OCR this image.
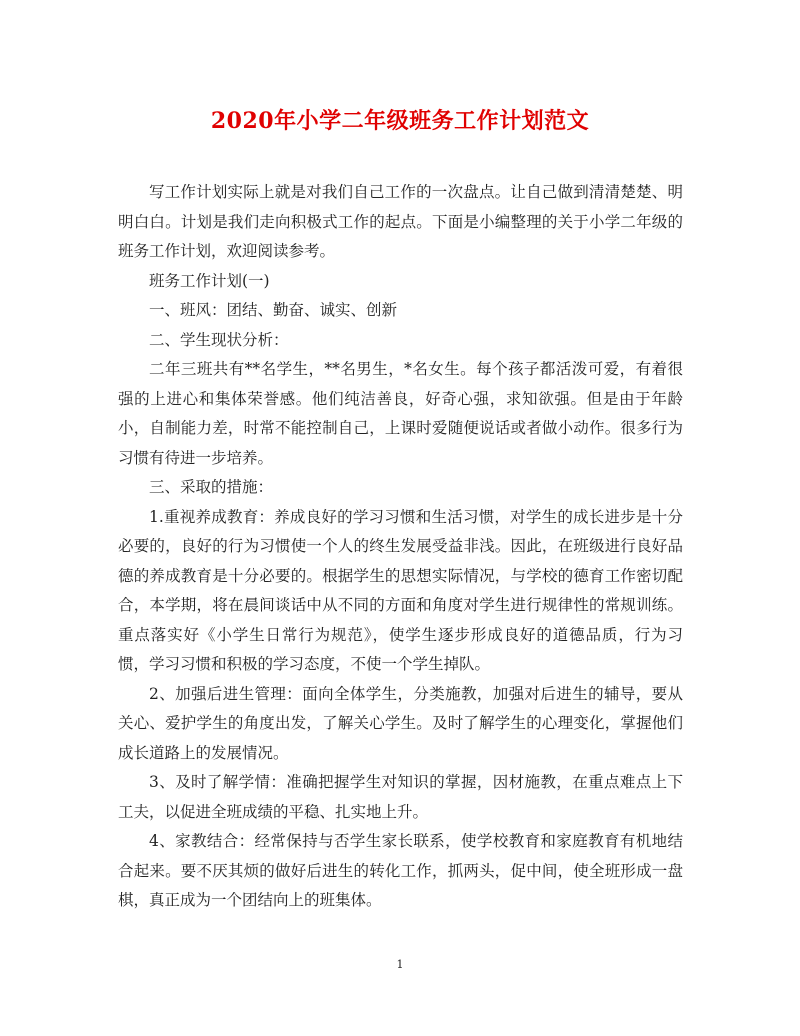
2020年小学二年级班务工作计划范文

写工作计划实际上就是对我们自己工作的一次盘点。让自己做到清清楚楚、明明白白。计划是我们走向积极式工作的起点。下面是小编整理的关于小学二年级的班务工作计划，欢迎阅读参考。

班务工作计划(一)

一、班风：团结、勤奋、诚实、创新

二、学生现状分析：

二年三班共有**名学生，**名男生，*名女生。每个孩子都活泼可爱，有着很强的上进心和集体荣誉感。他们纯洁善良，好奇心强，求知欲强。但是由于年龄小，自制能力差，时常不能控制自己，上课时爱随便说话或者做小动作。很多行为习惯有待进一步培养。

三、采取的措施：

1.重视养成教育：养成良好的学习习惯和生活习惯，对学生的成长进步是十分必要的，良好的行为习惯使一个人的终生发展受益非浅。因此，在班级进行良好品德的养成教育是十分必要的。根据学生的思想实际情况，与学校的德育工作密切配合，本学期，将在晨间谈话中从不同的方面和角度对学生进行规律性的常规训练。重点落实好《小学生日常行为规范》，使学生逐步形成良好的道德品质，行为习惯，学习习惯和积极的学习态度，不使一个学生掉队。

2、加强后进生管理：面向全体学生，分类施教，加强对后进生的辅导，要从关心、爱护学生的角度出发，了解关心学生。及时了解学生的心理变化，掌握他们成长道路上的发展情况。

3、及时了解学情：准确把握学生对知识的掌握，因材施教，在重点难点上下工夫，以促进全班成绩的平稳、扎实地上升。

4、家教结合：经常保持与否学生家长联系，使学校教育和家庭教育有机地结合起来。要不厌其烦的做好后进生的转化工作，抓两头，促中间，使全班形成一盘棋，真正成为一个团结向上的班集体。

1
